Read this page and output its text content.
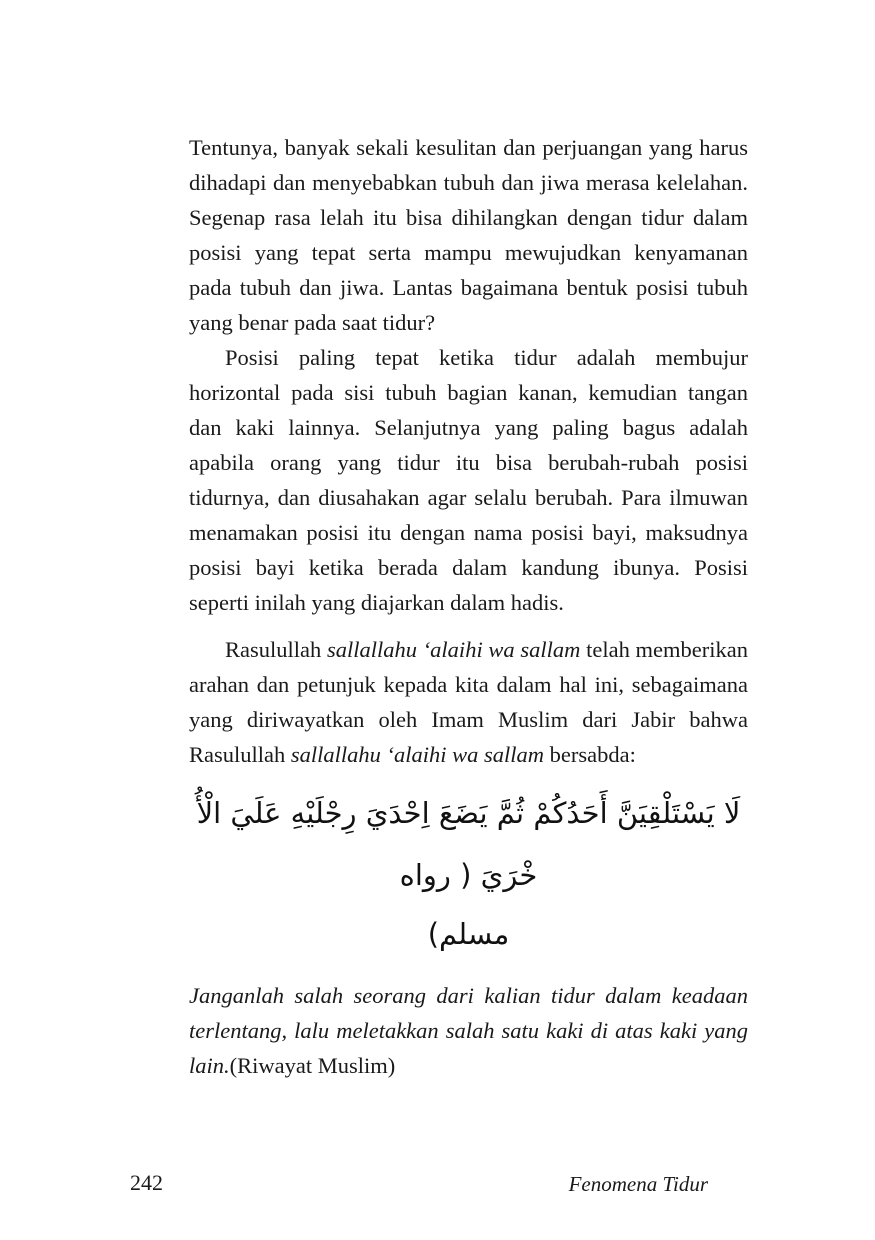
Tentunya, banyak sekali kesulitan dan perjuangan yang harus dihadapi dan menyebabkan tubuh dan jiwa merasa kelelahan. Segenap rasa lelah itu bisa dihilangkan dengan tidur dalam posisi yang tepat serta mampu mewujudkan kenyamanan pada tubuh dan jiwa. Lantas bagaimana bentuk posisi tubuh yang benar pada saat tidur?

Posisi paling tepat ketika tidur adalah membujur horizontal pada sisi tubuh bagian kanan, kemudian tangan dan kaki lainnya. Selanjutnya yang paling bagus adalah apabila orang yang tidur itu bisa berubah-rubah posisi tidurnya, dan diusahakan agar selalu berubah. Para ilmuwan menamakan posisi itu dengan nama posisi bayi, maksudnya posisi bayi ketika berada dalam kandung ibunya. Posisi seperti inilah yang diajarkan dalam hadis.

Rasulullah sallallahu ‘alaihi wa sallam telah memberikan arahan dan petunjuk kepada kita dalam hal ini, sebagaimana yang diriwayatkan oleh Imam Muslim dari Jabir bahwa Rasulullah sallallahu ‘alaihi wa sallam bersabda:

لَا يَسْتَلْقِيَنَّ أَحَدُكُمْ ثُمَّ يَضَعَ اِحْدَيَ رِجْلَيْهِ عَلَيَ الْأُ خْرَيَ ( رواه
مسلم)

Janganlah salah seorang dari kalian tidur dalam keadaan terlentang, lalu meletakkan salah satu kaki di atas kaki yang lain.(Riwayat Muslim)

242	Fenomena Tidur
